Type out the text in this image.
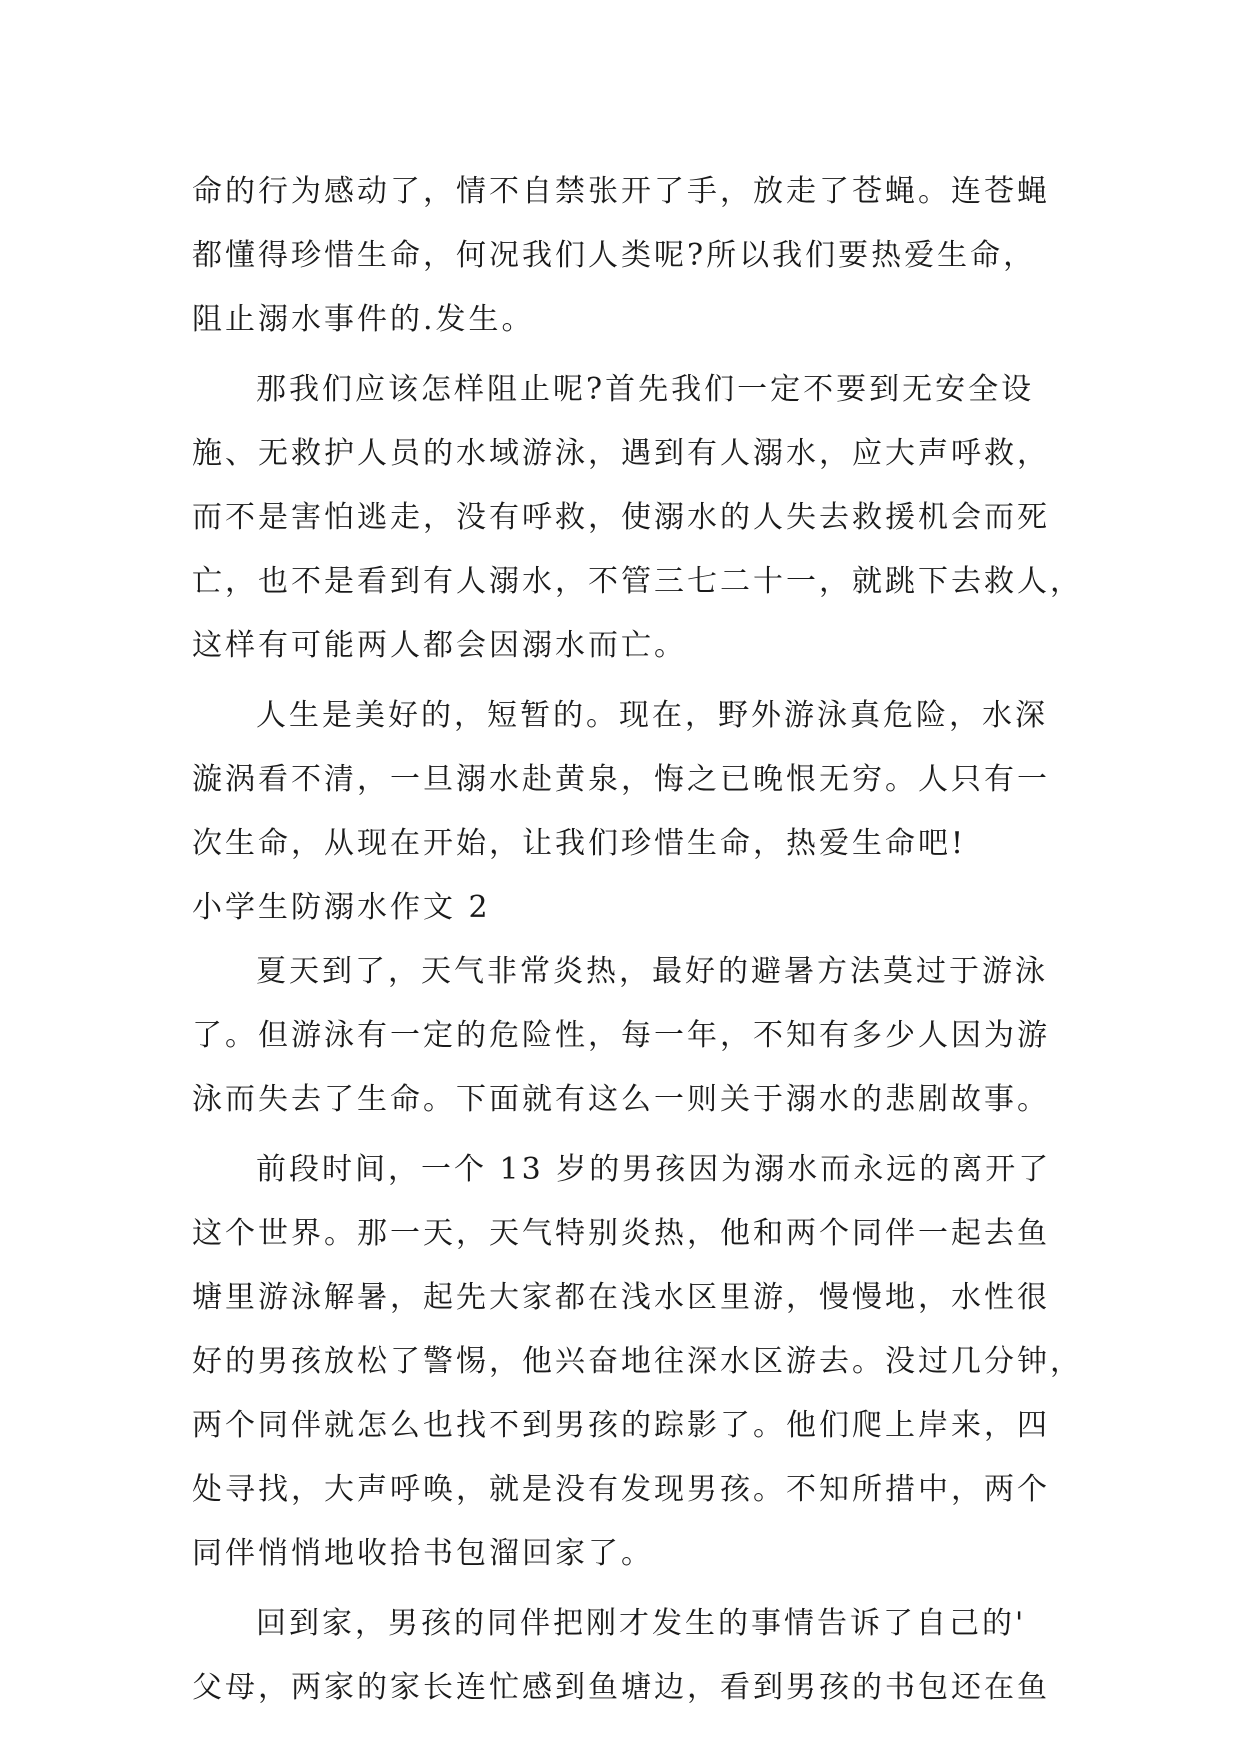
命的行为感动了，情不自禁张开了手，放走了苍蝇。连苍蝇
都懂得珍惜生命，何况我们人类呢?所以我们要热爱生命，
阻止溺水事件的.发生。
那我们应该怎样阻止呢?首先我们一定不要到无安全设
施、无救护人员的水域游泳，遇到有人溺水，应大声呼救，
而不是害怕逃走，没有呼救，使溺水的人失去救援机会而死
亡，也不是看到有人溺水，不管三七二十一，就跳下去救人，
这样有可能两人都会因溺水而亡。
人生是美好的，短暂的。现在，野外游泳真危险，水深
漩涡看不清，一旦溺水赴黄泉，悔之已晚恨无穷。人只有一
次生命，从现在开始，让我们珍惜生命，热爱生命吧!
小学生防溺水作文 2
夏天到了，天气非常炎热，最好的避暑方法莫过于游泳
了。但游泳有一定的危险性，每一年，不知有多少人因为游
泳而失去了生命。下面就有这么一则关于溺水的悲剧故事。
前段时间，一个 13 岁的男孩因为溺水而永远的离开了
这个世界。那一天，天气特别炎热，他和两个同伴一起去鱼
塘里游泳解暑，起先大家都在浅水区里游，慢慢地，水性很
好的男孩放松了警惕，他兴奋地往深水区游去。没过几分钟，
两个同伴就怎么也找不到男孩的踪影了。他们爬上岸来，四
处寻找，大声呼唤，就是没有发现男孩。不知所措中，两个
同伴悄悄地收拾书包溜回家了。
回到家，男孩的同伴把刚才发生的事情告诉了自己的'
父母，两家的家长连忙感到鱼塘边，看到男孩的书包还在鱼
